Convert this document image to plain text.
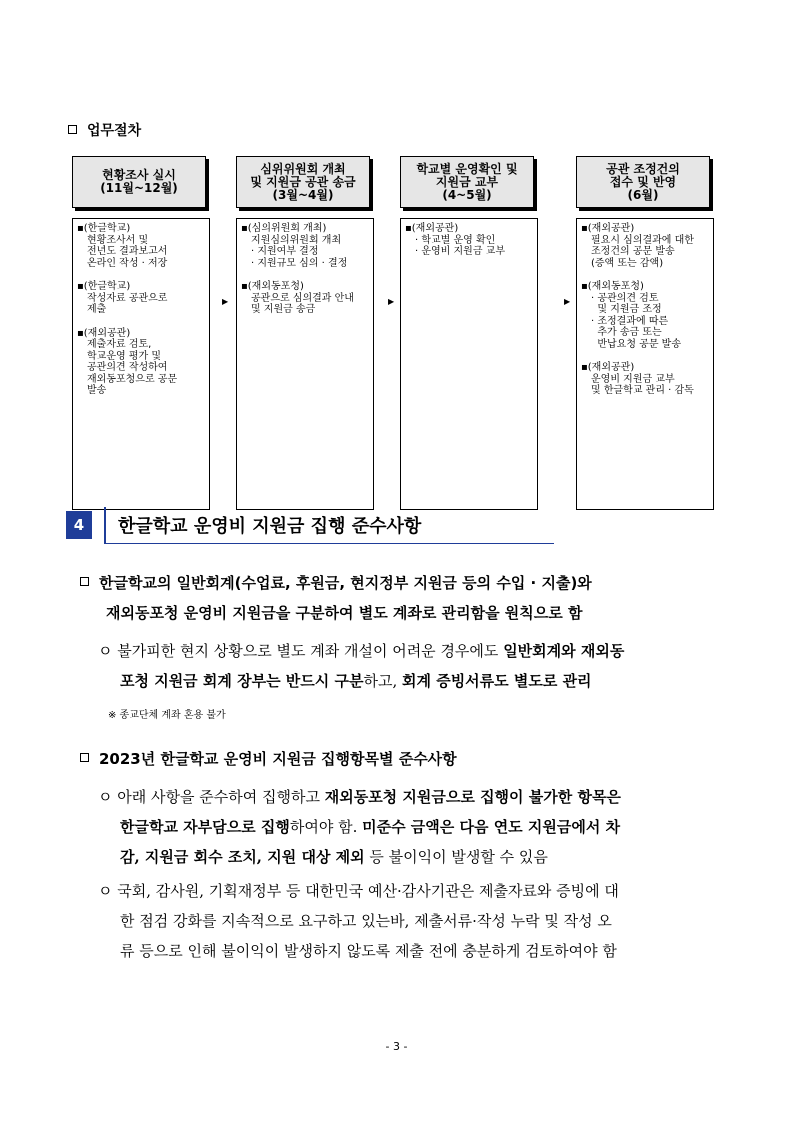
업무절차
현황조사 실시
(11월~12월)

▪(한글학교)

현황조사서 및

전년도 결과보고서

온라인 작성 · 저장

▪(한글학교)

작성자료 공관으로

제출

▪(재외공관)

제출자료 검토,

학교운영 평가 및

공관의견 작성하여

재외동포청으로 공문

발송

심위위원회 개최
및 지원금 공관 송금
(3월~4월)

▪(심의위원회 개최)

지원심의위원회 개최

· 지원여부 결정

· 지원규모 심의 · 결정

▪(재외동포청)

공관으로 심의결과 안내

및 지원금 송금

학교별 운영확인 및
지원금 교부
(4~5월)

▪(재외공관)

· 학교별 운영 확인

· 운영비 지원금 교부

공관 조정건의
접수 및 반영
(6월)

▪(재외공관)

필요시 심의결과에 대한

조정건의 공문 발송

(증액 또는 감액)

▪(재외동포청)

· 공관의견 검토

및 지원금 조정

· 조정결과에 따른

추가 송금 또는

반납요청 공문 발송

▪(재외공관)

운영비 지원금 교부

및 한글학교 관리 · 감독

▶	▶	▶
4	한글학교 운영비 지원금 집행 준수사항
한글학교의 일반회계(수업료, 후원금, 현지정부 지원금 등의 수입 · 지출)와
재외동포청 운영비 지원금을 구분하여 별도 계좌로 관리함을 원칙으로 함
ㅇ 불가피한 현지 상황으로 별도 계좌 개설이 어려운 경우에도 일반회계와 재외동
포청 지원금 회계 장부는 반드시 구분하고, 회계 증빙서류도 별도로 관리
※ 종교단체 계좌 혼용 불가
2023년 한글학교 운영비 지원금 집행항목별 준수사항
ㅇ 아래 사항을 준수하여 집행하고 재외동포청 지원금으로 집행이 불가한 항목은
한글학교 자부담으로 집행하여야 함. 미준수 금액은 다음 연도 지원금에서 차
감, 지원금 회수 조치, 지원 대상 제외 등 불이익이 발생할 수 있음
ㅇ 국회, 감사원, 기획재정부 등 대한민국 예산·감사기관은 제출자료와 증빙에 대
한 점검 강화를 지속적으로 요구하고 있는바, 제출서류·작성 누락 및 작성 오
류 등으로 인해 불이익이 발생하지 않도록 제출 전에 충분하게 검토하여야 함
- 3 -
